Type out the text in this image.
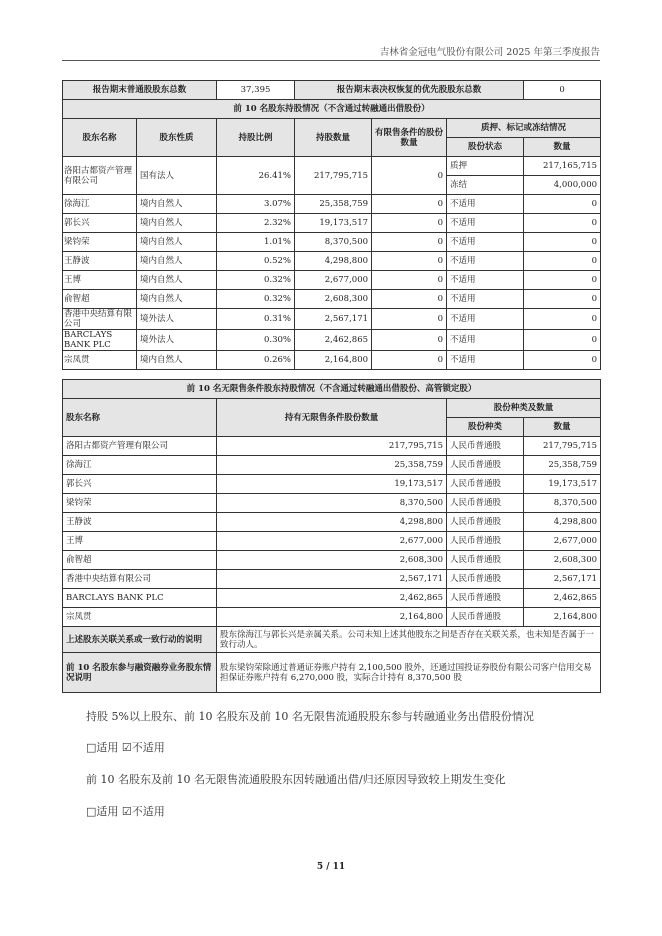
吉林省金冠电气股份有限公司 2025 年第三季度报告
报告期末普通股股东总数		37,395	报告期末表决权恢复的优先股股东总数			0
前 10 名股东持股情况（不含通过转融通出借股份）						
股东名称	股东性质	持股比例	持股数量	有限售条件的股份数量	质押、标记或冻结情况	
					股份状态	数量
洛阳古都资产管理有限公司	国有法人	26.41%	217,795,715	0	质押	217,165,715
					冻结	4,000,000
徐海江	境内自然人	3.07%	25,358,759	0	不适用	0
郭长兴	境内自然人	2.32%	19,173,517	0	不适用	0
梁钧荣	境内自然人	1.01%	8,370,500	0	不适用	0
王静波	境内自然人	0.52%	4,298,800	0	不适用	0
王博	境内自然人	0.32%	2,677,000	0	不适用	0
俞智超	境内自然人	0.32%	2,608,300	0	不适用	0
香港中央结算有限公司	境外法人	0.31%	2,567,171	0	不适用	0
BARCLAYS BANK PLC	境外法人	0.30%	2,462,865	0	不适用	0
宗凤贯	境内自然人	0.26%	2,164,800	0	不适用	0
前 10 名无限售条件股东持股情况（不含通过转融通出借股份、高管锁定股）			
股东名称	持有无限售条件股份数量	股份种类及数量	
		股份种类	数量
洛阳古都资产管理有限公司	217,795,715	人民币普通股	217,795,715
徐海江	25,358,759	人民币普通股	25,358,759
郭长兴	19,173,517	人民币普通股	19,173,517
梁钧荣	8,370,500	人民币普通股	8,370,500
王静波	4,298,800	人民币普通股	4,298,800
王博	2,677,000	人民币普通股	2,677,000
俞智超	2,608,300	人民币普通股	2,608,300
香港中央结算有限公司	2,567,171	人民币普通股	2,567,171
BARCLAYS BANK PLC	2,462,865	人民币普通股	2,462,865
宗凤贯	2,164,800	人民币普通股	2,164,800
上述股东关联关系或一致行动的说明	股东徐海江与郭长兴是亲属关系。公司未知上述其他股东之间是否存在关联关系，也未知是否属于一致行动人。		
前 10 名股东参与融资融券业务股东情况说明	股东梁钧荣除通过普通证券账户持有 2,100,500 股外，还通过国投证券股份有限公司客户信用交易担保证券账户持有 6,270,000 股，实际合计持有 8,370,500 股		
持股 5%以上股东、前 10 名股东及前 10 名无限售流通股股东参与转融通业务出借股份情况
□适用 ☑不适用
前 10 名股东及前 10 名无限售流通股股东因转融通出借/归还原因导致较上期发生变化
□适用 ☑不适用
5 / 11
